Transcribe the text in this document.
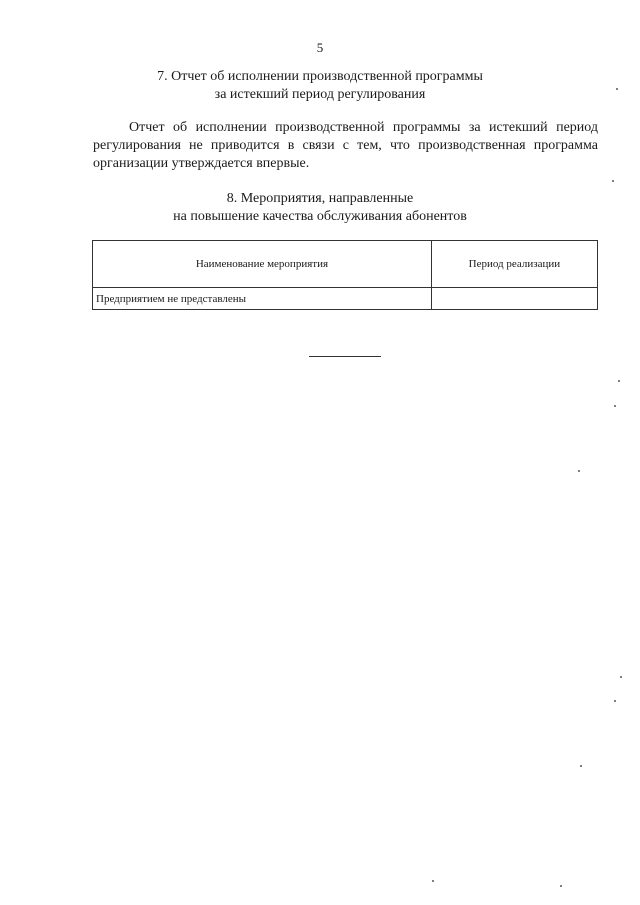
5
7. Отчет об исполнении производственной программы
за истекший период регулирования

Отчет об исполнении производственной программы за истекший период регулирования не приводится в связи с тем, что производственная программа организации утверждается впервые.

8. Мероприятия, направленные
на повышение качества обслуживания абонентов
Наименование мероприятия	Период реализации
Предприятием не представлены	
